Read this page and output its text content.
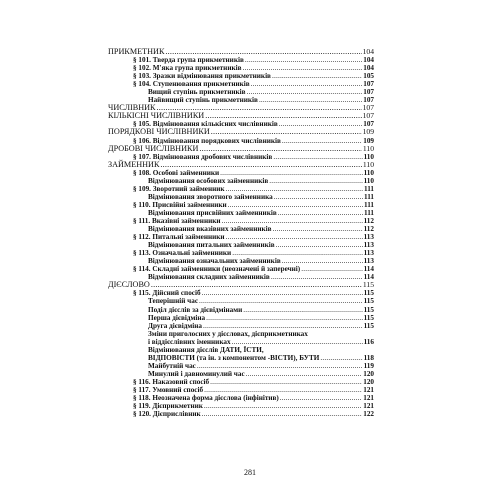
ПРИКМЕТНИК .....	104
§ 101. Тверда група прикметників .....	104
§ 102. М'яка група прикметників .....	104
§ 103. Зразки відмінювання прикметників .....	105
§ 104. Ступенювання прикметників .....	107
Вищий ступінь прикметників .....	107
Найвищий ступінь прикметників .....	107
ЧИСЛІВНИК .....	107
КІЛЬКІСНІ ЧИСЛІВНИКИ .....	107
§ 105. Відмінювання кількісних числівників .....	107
ПОРЯДКОВІ ЧИСЛІВНИКИ .....	109
§ 106. Відмінювання порядкових числівників .....	109
ДРОБОВІ ЧИСЛІВНИКИ .....	110
§ 107. Відмінювання дробових числівників .....	110
ЗАЙМЕННИК .....	110
§ 108. Особові займенники .....	110
Відмінювання особових займенників .....	110
§ 109. Зворотний займенник .....	111
Відмінювання зворотного займенника .....	111
§ 110. Присвійні займенники .....	111
Відмінювання присвійних займенників .....	111
§ 111. Вказівні займенники .....	112
Відмінювання вказівних займенників .....	112
§ 112. Питальні займенники .....	113
Відмінювання питальних займенників .....	113
§ 113. Означальні займенники .....	113
Відмінювання означальних займенників .....	113
§ 114. Складні займенники (неозначені й заперечні) .....	114
Відмінювання складних займенників .....	114
ДІЄСЛОВО .....	115
§ 115. Дійсний спосіб .....	115
Теперішній час .....	115
Поділ дієслів за дієвідмінами .....	115
Перша дієвідміна .....	115
Друга дієвідміна .....	115
Зміни приголосних у дієсловах, дієприкметниках
і віддієслівних іменниках .....	116
Відмінювання дієслів ДАТИ, ЇСТИ,
ВІДПОВІСТИ (та ін. з компонентом -ВІСТИ), БУТИ .....	118
Майбутній час .....	119
Минулий і давноминулий час .....	120
§ 116. Наказовий спосіб .....	120
§ 117. Умовний спосіб .....	121
§ 118. Неозначена форма дієслова (інфінітив) .....	121
§ 119. Дієприкметник .....	121
§ 120. Дієприслівник .....	122
281
